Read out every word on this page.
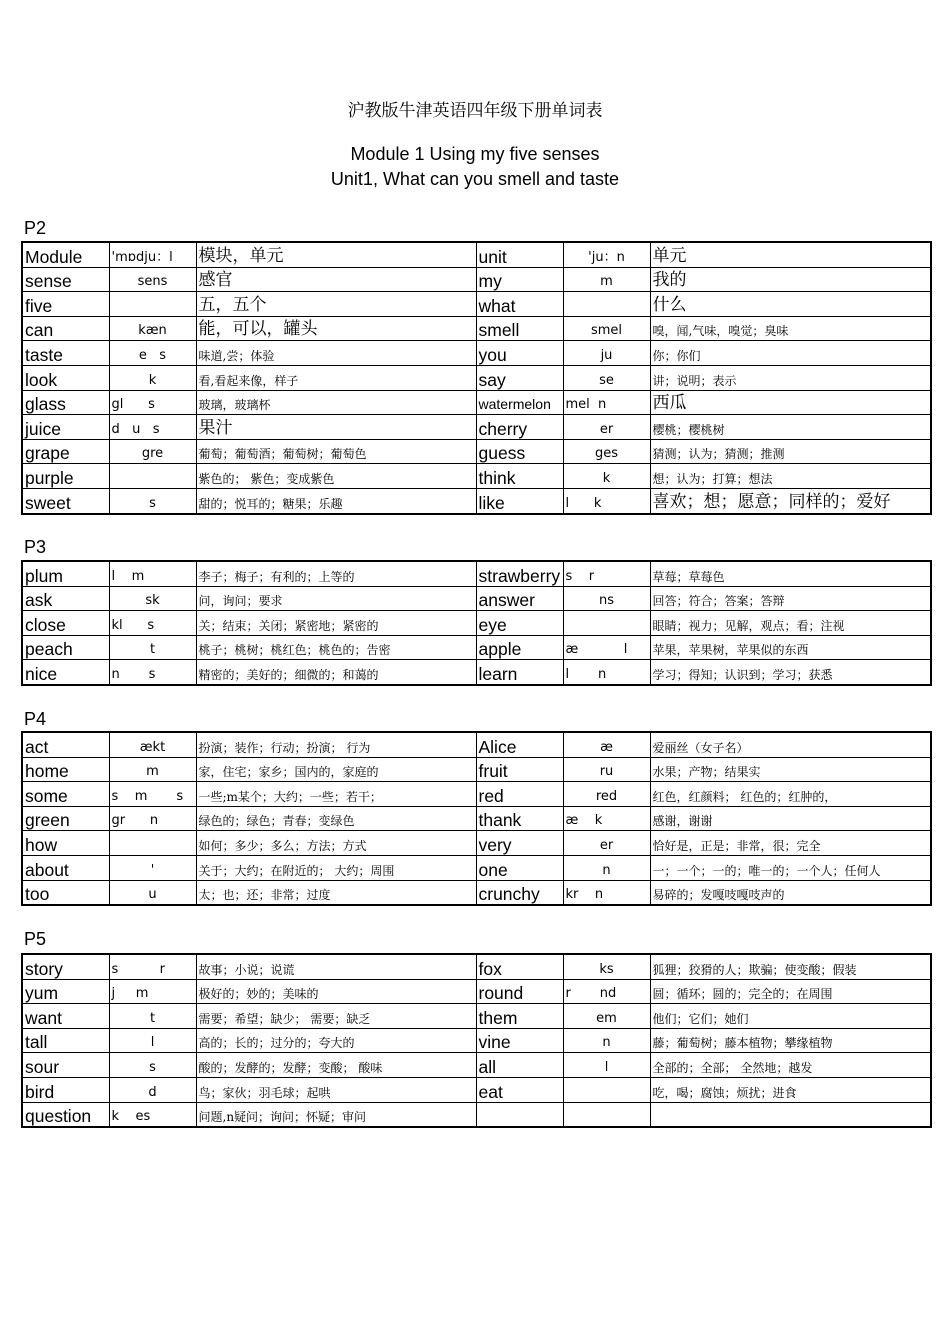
沪教版牛津英语四年级下册单词表
Module 1 Using my five senses
Unit1, What can you smell and taste
P2
Module	'mɒdju：l	模块，单元	unit	'ju：n	单元
sense	sens	感官	my	m	我的
five		五，五个	what		什么
can	kæn	能，可以，罐头	smell	smel	嗅，闻,气味，嗅觉；臭味
taste	e   s	味道,尝；体验	you	ju	你；你们
look	k	看,看起来像，样子	say	se	讲；说明；表示
glass	gl      s	玻璃，玻璃杯	watermelon	mel  n	西瓜
juice	d   u   s	果汁	cherry	er	樱桃；樱桃树
grape	gre	葡萄；葡萄酒；葡萄树；葡萄色	guess	ges	猜测；认为；猜测；推测
purple		紫色的； 紫色；变成紫色	think	k	想；认为；打算；想法
sweet	s	甜的；悦耳的；糖果；乐趣	like	l      k	喜欢；想；愿意；同样的；爱好
P3
plum	l    m	李子；梅子；有利的；上等的	strawberry	s    r	草莓；草莓色
ask	sk	问，询问；要求	answer	ns	回答；符合；答案；答辩
close	kl      s	关；结束；关闭；紧密地；紧密的	eye		眼睛；视力；见解，观点；看；注视
peach	t	桃子；桃树；桃红色；桃色的；告密	apple	æ           l	苹果，苹果树，苹果似的东西
nice	n       s	精密的；美好的；细微的；和蔼的	learn	l       n	学习；得知；认识到；学习；获悉
P4
act	ækt	扮演；装作；行动；扮演； 行为	Alice	æ	爱丽丝（女子名）
home	m	家，住宅；家乡；国内的，家庭的	fruit	ru	水果；产物；结果实
some	s    m       s	一些;m某个；大约；一些；若干；	red	red	红色，红颜料； 红色的；红肿的，
green	gr      n	绿色的；绿色；青春；变绿色	thank	æ    k	感谢，谢谢
how		如何；多少；多么；方法；方式	very	er	恰好是，正是；非常，很；完全
about	'	关于；大约；在附近的； 大约；周围	one	n	一；一个；一的；唯一的；一个人；任何人
too	u	太；也；还；非常；过度	crunchy	kr    n	易碎的；发嘎吱嘎吱声的
P5
story	s          r	故事；小说；说谎	fox	ks	狐狸；狡猾的人；欺骗；使变酸；假装
yum	j     m	极好的；妙的；美味的	round	r       nd	圆；循环；圆的；完全的；在周围
want	t	需要；希望；缺少； 需要；缺乏	them	em	他们；它们；她们
tall	l	高的；长的；过分的；夸大的	vine	n	藤；葡萄树；藤本植物；攀缘植物
sour	s	酸的；发酵的；发酵；变酸； 酸味	all	l	全部的；全部； 全然地；越发
bird	d	鸟；家伙；羽毛球；起哄	eat		吃，喝；腐蚀；烦扰；进食
question	k    es	问题,n疑问；询问；怀疑；审问			
